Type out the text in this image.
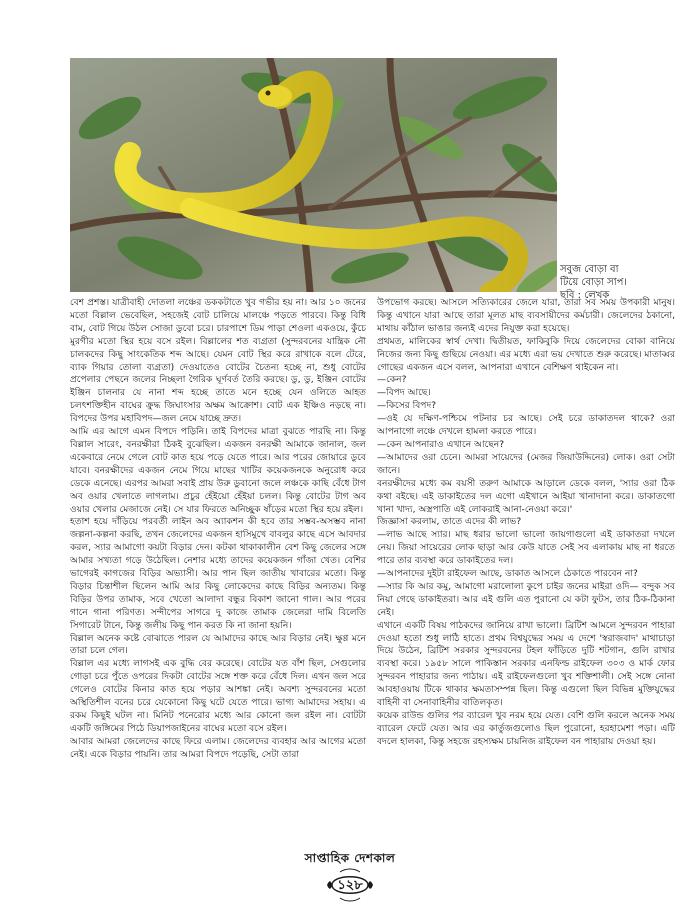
সবুজ বোড়া বা
টিয়ে বোড়া সাপ।
ছবি : লেখক

বেশ প্রশস্ত। যাত্রীবাহী দোতলা লঞ্চের ডককটাতে খুব গভীর হয় না। আর ১০ জনের মতো বিল্লাল ভেবেছিল, সহজেই বোট চালিয়ে মালঞ্চে পড়তে পারবে। কিন্তু বিধি বাম, বোট গিয়ে উঠল সোজা ডুবো চরে। চারপাশে ডিম পাড়া শেওলা একওয়ে, কুঁচে মুরগীর মতো স্থির হয়ে বসে রইল। বিল্লালের শত ব্যগ্রতা (সুন্দরবনের যান্ত্রিক নৌ চালকদের কিছু সাংকেতিক শব্দ আছে। যেমন বোট স্থির করে রাখাকে বলে টেরে, ব্যাক গিয়ার তোলা ব্যগ্রতা) দেওয়াতেও বোটের চৈতন্য হচ্ছে না, শুধু বোটের প্রপেলার পেছনে জলের নিচ্ছলা গৈরিক ঘূর্ণবর্ত তৈরি করছে। ডু, ডু, ইঞ্জিন বোটের ইঞ্জিন চালনার যে নানা শব্দ হচ্ছে তাতে মনে হচ্ছে যেন ওলিতে আহত চলৎশক্তিহীন বাঘের ক্রুদ্ধ জিঘাংসার অক্ষম আক্রোশ। বোট এক ইঞ্চিও নড়ছে না। বিপদের উপর মহাবিপদ—জল নেমে যাচ্ছে দ্রুত।

আমি এর আগে এমন বিপদে পড়িনি। তাই বিপদের মাত্রা বুঝতে পারছি না। কিন্তু বিল্লাল সারেং, বনরক্ষীরা ঠিকই বুঝেছিল। একজন বনরক্ষী আমাকে জানাল, জল একেবারে নেমে গেলে বোট কাত হয়ে পড়ে যেতে পারে। আর পরের জোয়ারে ডুবে যাবে। বনরক্ষীদের একজন নেমে গিয়ে মাছের খাটির কয়েকজনকে অনুরোধ করে ডেকে এনেছে। এরপর আমরা সবাই প্রায় উরু ডুবানো জলে লঞ্চকে কাছি বেঁধে টাগ অব ওয়ার খেলাতে লাগলাম। প্রচুর হেঁইয়ো হেঁইয়া চলল। কিন্তু বোটের টাগ অব ওয়ার খেলার মেজাজে নেই। সে যার ফিরতে অনিচ্ছুক ষাঁড়ের মতো স্থির হয়ে রইল।

হতাশ হয়ে দাঁড়িয়ে পরবর্তী লাইন অব অ্যাকশন কী হবে তার সম্ভব-অসম্ভব নানা জল্পনা-কল্পনা করছি, তখন জেলেদের একজন হাসিমুখে বাবলুর কাছে এসে আবদার করল, স্যার আমাগো কয়টা বিড়ার দেন। কটকা থাকাকালীন বেশ কিছু জেলের সঙ্গে আমার সখ্যতা গড়ে উঠেছিল। নেশার মধ্যে তাদের কয়েকজন গাঁজা খেত। বেশির ভাগেরই কাগজের বিড়ির অভ্যাসী। আর পান ছিল জাতীয় খাবারের মতো। কিন্তু বিড়ার চিন্তাশীল ছিলেন আমি আর কিছু লোকেদের কাছে বিড়ির অন্যতম। কিন্তু বিড়ির উপর তামাক, সবে খেতো আলাদা বন্ধুর বিকাশ জানো গাল। আর পরের গানে গানা পরিণত। সন্দীপের সাগরে দু কাজে তামাক জেলেরা দামি বিলেতি সিগারেট টানে, কিন্তু জলীয় কিছু পান করত কি না জানা হয়নি।

বিল্লাল অনেক কষ্টে বোঝাতে পারল যে আমাদের কাছে আর বিড়ার নেই। ক্ষুণ্ণ মনে তারা চলে গেল।

বিল্লাল এর মধ্যে লাগসই এক বুদ্ধি বের করেছে। বোটের যত বাঁশ ছিল, সেগুলোর গোড়া চরে পুঁতে ওপরের দিকটা বোটের সঙ্গে শক্ত করে বেঁধে দিল। এখন জল সরে গেলেও বোটের কিনার কাত হয়ে পড়ার আশঙ্কা নেই। অবশ্য সুন্দরবনের মতো অস্থিতিশীল বনের চরে যেকোনো কিছু ঘটে যেতে পারে। ভাগ্য আমাদের সহায়। এ রকম কিছুই ঘটল না। মিনিট পনেরোর মধ্যে আর কোনো জল রইল না। বোটটা একটি জঙ্গিমের পিঠে ডিয়াপজাইনের বাঘের মতো বসে রইল।

আবার আমরা জেলেদের কাছে ফিরে এলাম। জেলেদের ব্যবহার আর আগের মতো নেই। একে বিড়ার পায়নি। তার আমরা বিপদে পড়েছি, সেটা তারা

উপভোগ করছে। আসলে সত্যিকারের জেলে যারা, তারা সব সময় উপকারী মানুষ। কিন্তু এখানে যারা আছে তারা মূলত মাছ ব্যবসায়ীদের কর্মচারী। জেলেদের ঠকানো, মাথায় কাঁঠাল ভাঙার জন্যই এদের নিযুক্ত করা হয়েছে।

প্রথমত, মালিকের স্বার্থ দেখা। দ্বিতীয়ত, ফাকিবুকি দিয়ে জেলেদের বোকা বানিয়ে নিজের জন্য কিছু গুছিয়ে নেওয়া। এর মধ্যে এরা ভয় দেখাতে শুরু করেছে। মাতাব্বর গোছের একজন এসে বলল, আপনারা এখানে বেশিক্ষণ থাইকেন না।

—কেন?

—বিপদ আছে।

—কিসের বিপদ?

—ওই যে দক্ষিণ-পশ্চিমে পটনার চর আছে। সেই চরে ডাকাতদল থাকে? ওরা আপনাগো লঞ্চে দেখলে হামলা করতে পারে।

—কেন আপনারাও এখানে আছেন?

—আমাদের ওরা চেনে। আমরা সায়েদের (মেজর জিয়াউদ্দিনের) লোক। ওরা সেটা জানে।

বনরক্ষীদের মধ্যে কম বয়সী তরুণ আমাকে আড়ালে ডেকে বলল, 'স্যার ওরা ঠিক কথা বইছে। এই ডাকাইতের দল এগো এইখানে আইয়া খানাদানা করে। ডাকাতগো খানা খাদ্য, অস্ত্রপাতি এই লোকরাই আনা-নেওয়া করে।'

জিজ্ঞাসা করলাম, তাতে এদের কী লাভ?

—লাভ আছে স্যার। মাছ ধরার ভালো ভালো জায়গাগুলো এই ডাকাতরা দখলে নেয়। জিয়া সায়েরের লোক ছাড়া আর কেউ যাতে সেই সব এলাকায় মাছ না ধরতে পারে তার ব্যবস্থা করে ডাকাইতের দল।

—আপনাদের দুইটা রাইফেল আছে, ডাকাত আসলে ঠেকাতে পারবেন না?

—স্যার কি আর কমু, আমাগো মরালোলা কুপে চাইর জনের মাইরা ওদি— বন্দুক সব নিয়া গেছে ডাকাইতরা। আর এই গুলি এত পুরানো যে কটা ফুটস, তার ঠিক-ঠিকানা নেই।

এখানে একটি বিষয় পাঠকদের জানিয়ে রাখা ভালো। ব্রিটিশ আমলে সুন্দরবন পাহারা দেওয়া হতো শুধু লাঠি হাতে। প্রথম বিশ্বযুদ্ধের সময় এ দেশে 'স্বরাজবাদ' মাথাচাড়া দিয়ে উঠেন, ব্রিটিশ সরকার সুন্দরবনের টহল ফাঁড়িতে দুটি শটগান, গুলি রাখার ব্যবস্থা করে। ১৯৫৮ সালে পাকিস্তান সরকার এনফিল্ড রাইফেল ৩০৩ ও মার্ক ফোর সুন্দরবন পাহারার জন্য পাঠায়। এই রাইফেলগুলো খুব শক্তিশালী। সেই সঙ্গে নোনা আবহাওয়ায় টিকে থাকার ক্ষমতাসম্পন্ন ছিল। কিন্তু এগুলো ছিল বিভিন্ন মুক্তিযুদ্ধের বাহিনী বা সেনাবাহিনীর বাতিলকৃত।

কয়েক রাউন্ড গুলির পর ব্যারেল খুব নরম হয়ে যেত। বেশি গুলি করলে অনেক সময় ব্যারেল ফেটে যেত। আর এর কার্তুজগুলোও ছিল পুরোনো, হরহামেশা পড়া। এটি বদলে হালকা, কিন্তু সহজে রহস্যক্ষম চায়নিজ রাইফেল বন পাহারায় দেওয়া হয়।

সাপ্তাহিক দেশকাল
১২৮
